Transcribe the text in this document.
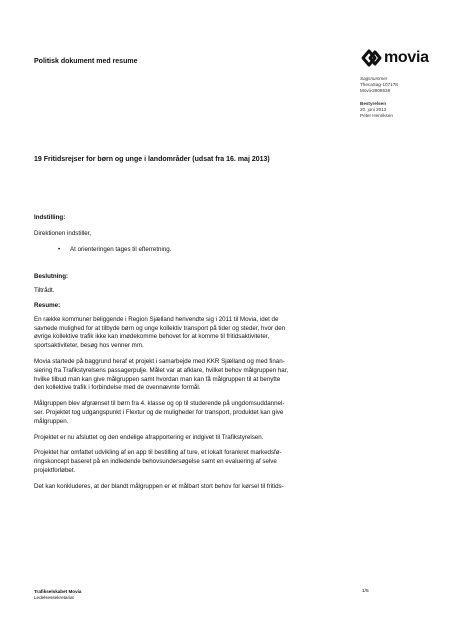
Politisk dokument med resume	movia
Sagsnummer
ThecaSag-107178
Movii-2808538
Bestyrelsen
20. juni 2013
Peter Henriksen
19 Fritidsrejser for børn og unge i landområder (udsat fra 16. maj 2013)

Indstilling:

Direktionen indstiller,

•	At orienteringen tages til efterretning.

Beslutning:

Tiltrådt.

Resume:

En række kommuner beliggende i Region Sjælland henvendte sig i 2011 til Movia, idet de
savnede mulighed for at tilbyde børn og unge kollektiv transport på tider og steder, hvor den
øvrige kollektive trafik ikke kan imødekomme behovet for at komme til fritidsaktiviteter,
sportsaktiviteter, besøg hos venner mm.

Movia startede på baggrund heraf et projekt i samarbejde med KKR Sjælland og med finan-
siering fra Trafikstyrelsens passagerpulje. Målet var at afklare, hvilket behov målgruppen har,
hvilke tilbud man kan give målgruppen samt hvordan man kan få målgruppen til at benytte
den kollektive trafik i forbindelse med de ovennævnte formål.

Målgruppen blev afgrænset til børn fra 4. klasse og op til studerende på ungdomsuddannel-
ser. Projektet tog udgangspunkt i Flextur og de muligheder for transport, produktet kan give
målgruppen.

Projektet er nu afsluttet og den endelige afrapportering er indgivet til Trafikstyrelsen.

Projektet har omfattet udvikling af en app til bestilling af ture, et lokalt forankret markedsfø-
ringskoncept baseret på en indledende behovsundersøgelse samt en evaluering af selve
projektforløbet.

Det kan konkluderes, at der blandt målgruppen er et målbart stort behov for kørsel til fritids-

Trafikselskabet Movia
Ledelsessekretariat
1/5
